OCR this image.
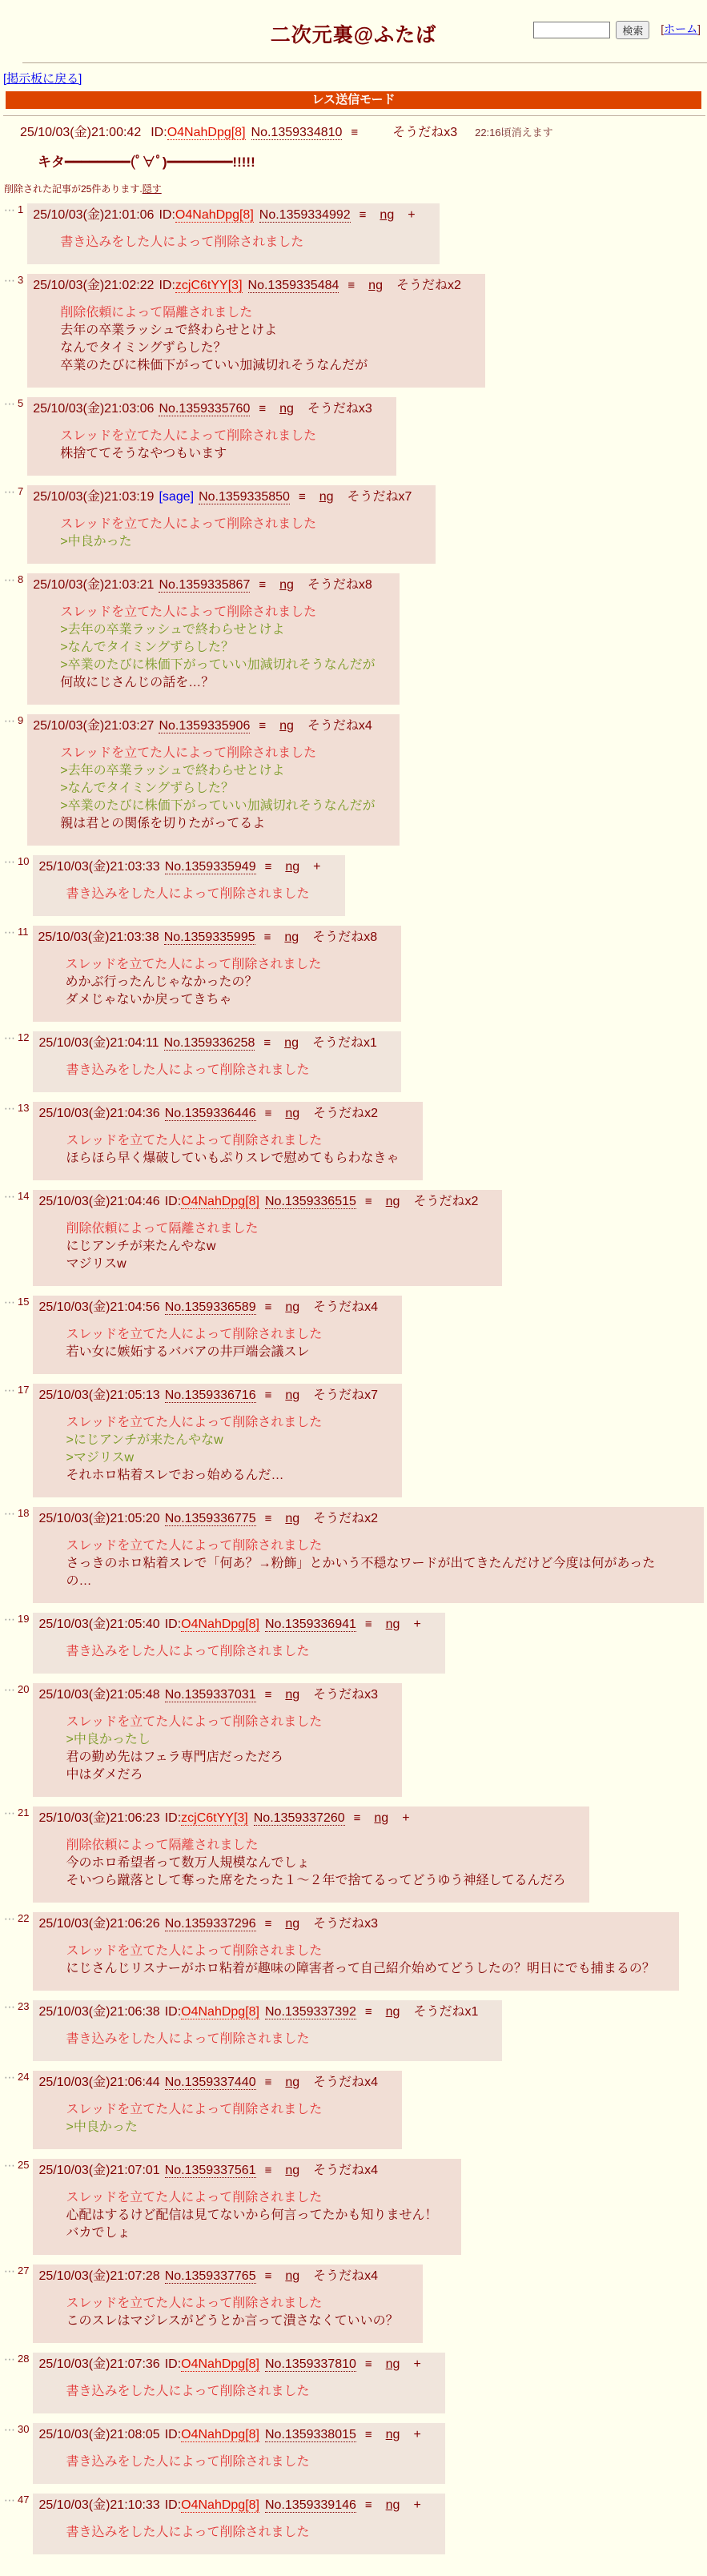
二次元裏@ふたば	検索 [ホーム]
[掲示板に戻る]
レス送信モード
25/10/03(金)21:00:42 ID:O4NahDpg[8] No.1359334810 ≡	そうだねx3 22:16頃消えます
キタ━━━━━━━━(ﾟ∀ﾟ)━━━━━━━━!!!!!
削除された記事が25件あります.隠す
⋯ $^1$ 25/10/03(金)21:01:06 ID:O4NahDpg[8] No.1359334992 ≡ ng +
書き込みをした人によって削除されました
⋯ $^3$ 25/10/03(金)21:02:22 ID:zcjC6tYY[3] No.1359335484 ≡ ng そうだねx2
削除依頼によって隔離されました
去年の卒業ラッシュで終わらせとけよ
なんでタイミングずらした？
卒業のたびに株価下がっていい加減切れそうなんだが
⋯ $^5$ 25/10/03(金)21:03:06 No.1359335760 ≡ ng そうだねx3
スレッドを立てた人によって削除されました
株捨ててそうなやつもいます
⋯ $^7$ 25/10/03(金)21:03:19 [sage] No.1359335850 ≡ ng そうだねx7
スレッドを立てた人によって削除されました
>中良かった
⋯ $^8$ 25/10/03(金)21:03:21 No.1359335867 ≡ ng そうだねx8
スレッドを立てた人によって削除されました
>去年の卒業ラッシュで終わらせとけよ
>なんでタイミングずらした？
>卒業のたびに株価下がっていい加減切れそうなんだが
何故にじさんじの話を…？
⋯ $^9$ 25/10/03(金)21:03:27 No.1359335906 ≡ ng そうだねx4
スレッドを立てた人によって削除されました
>去年の卒業ラッシュで終わらせとけよ
>なんでタイミングずらした？
>卒業のたびに株価下がっていい加減切れそうなんだが
親は君との関係を切りたがってるよ
⋯ $^{10}$ 25/10/03(金)21:03:33 No.1359335949 ≡ ng +
書き込みをした人によって削除されました
⋯ $^{11}$ 25/10/03(金)21:03:38 No.1359335995 ≡ ng そうだねx8
スレッドを立てた人によって削除されました
めかぶ行ったんじゃなかったの？
ダメじゃないか戻ってきちゃ
⋯ $^{12}$ 25/10/03(金)21:04:11 No.1359336258 ≡ ng そうだねx1
書き込みをした人によって削除されました
⋯ $^{13}$ 25/10/03(金)21:04:36 No.1359336446 ≡ ng そうだねx2
スレッドを立てた人によって削除されました
ほらほら早く爆破していもぷりスレで慰めてもらわなきゃ
⋯ $^{14}$ 25/10/03(金)21:04:46 ID:O4NahDpg[8] No.1359336515 ≡ ng そうだねx2
削除依頼によって隔離されました
にじアンチが来たんやなw
マジリスw
⋯ $^{15}$ 25/10/03(金)21:04:56 No.1359336589 ≡ ng そうだねx4
スレッドを立てた人によって削除されました
若い女に嫉妬するババアの井戸端会議スレ
⋯ $^{17}$ 25/10/03(金)21:05:13 No.1359336716 ≡ ng そうだねx7
スレッドを立てた人によって削除されました
>にじアンチが来たんやなw
>マジリスw
それホロ粘着スレでおっ始めるんだ…
⋯ $^{18}$ 25/10/03(金)21:05:20 No.1359336775 ≡ ng そうだねx2
スレッドを立てた人によって削除されました
さっきのホロ粘着スレで「何あ？→粉飾」とかいう不穏なワードが出てきたんだけど今度は何があったの…
⋯ $^{19}$ 25/10/03(金)21:05:40 ID:O4NahDpg[8] No.1359336941 ≡ ng +
書き込みをした人によって削除されました
⋯ $^{20}$ 25/10/03(金)21:05:48 No.1359337031 ≡ ng そうだねx3
スレッドを立てた人によって削除されました
>中良かったし
君の勤め先はフェラ専門店だっただろ
中はダメだろ
⋯ $^{21}$ 25/10/03(金)21:06:23 ID:zcjC6tYY[3] No.1359337260 ≡ ng +
削除依頼によって隔離されました
今のホロ希望者って数万人規模なんでしょ
そいつら蹴落として奪った席をたった１〜２年で捨てるってどうゆう神経してるんだろ
⋯ $^{22}$ 25/10/03(金)21:06:26 No.1359337296 ≡ ng そうだねx3
スレッドを立てた人によって削除されました
にじさんじリスナーがホロ粘着が趣味の障害者って自己紹介始めてどうしたの？明日にでも捕まるの？
⋯ $^{23}$ 25/10/03(金)21:06:38 ID:O4NahDpg[8] No.1359337392 ≡ ng そうだねx1
書き込みをした人によって削除されました
⋯ $^{24}$ 25/10/03(金)21:06:44 No.1359337440 ≡ ng そうだねx4
スレッドを立てた人によって削除されました
>中良かった
⋯ $^{25}$ 25/10/03(金)21:07:01 No.1359337561 ≡ ng そうだねx4
スレッドを立てた人によって削除されました
心配はするけど配信は見てないから何言ってたかも知りません！
バカでしょ
⋯ $^{27}$ 25/10/03(金)21:07:28 No.1359337765 ≡ ng そうだねx4
スレッドを立てた人によって削除されました
このスレはマジレスがどうとか言って潰さなくていいの？
⋯ $^{28}$ 25/10/03(金)21:07:36 ID:O4NahDpg[8] No.1359337810 ≡ ng +
書き込みをした人によって削除されました
⋯ $^{30}$ 25/10/03(金)21:08:05 ID:O4NahDpg[8] No.1359338015 ≡ ng +
書き込みをした人によって削除されました
⋯ $^{47}$ 25/10/03(金)21:10:33 ID:O4NahDpg[8] No.1359339146 ≡ ng +
書き込みをした人によって削除されました
